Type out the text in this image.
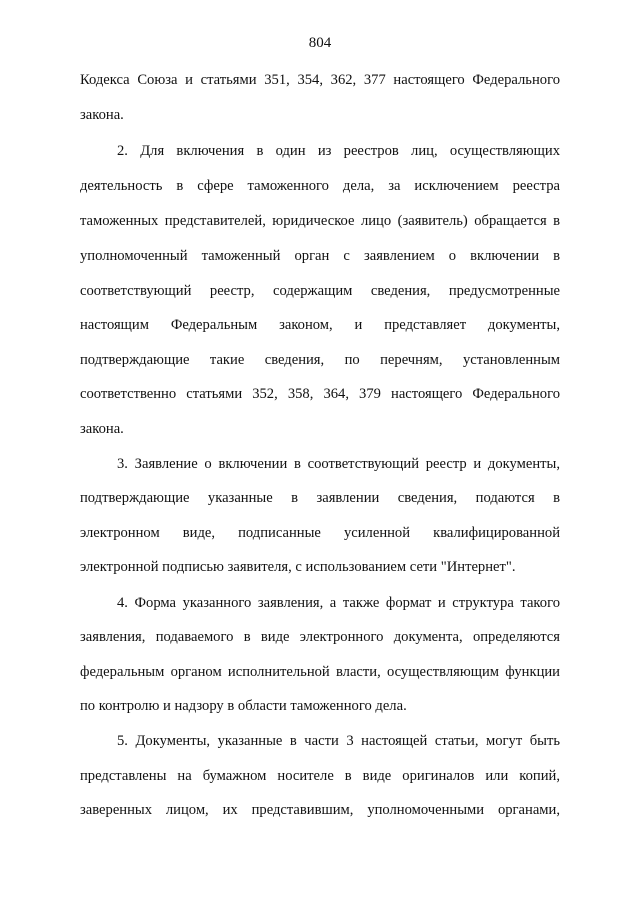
804
Кодекса Союза и статьями 351, 354, 362, 377 настоящего Федерального
закона.
2. Для включения в один из реестров лиц, осуществляющих
деятельность в сфере таможенного дела, за исключением реестра
таможенных представителей, юридическое лицо (заявитель) обращается в
уполномоченный таможенный орган с заявлением о включении в
соответствующий реестр, содержащим сведения, предусмотренные
настоящим Федеральным законом, и представляет документы,
подтверждающие такие сведения, по перечням, установленным
соответственно статьями 352, 358, 364, 379 настоящего Федерального
закона.
3. Заявление о включении в соответствующий реестр и документы,
подтверждающие указанные в заявлении сведения, подаются в
электронном виде, подписанные усиленной квалифицированной
электронной подписью заявителя, с использованием сети "Интернет".
4. Форма указанного заявления, а также формат и структура такого
заявления, подаваемого в виде электронного документа, определяются
федеральным органом исполнительной власти, осуществляющим функции
по контролю и надзору в области таможенного дела.
5. Документы, указанные в части 3 настоящей статьи, могут быть
представлены на бумажном носителе в виде оригиналов или копий,
заверенных лицом, их представившим, уполномоченными органами,
